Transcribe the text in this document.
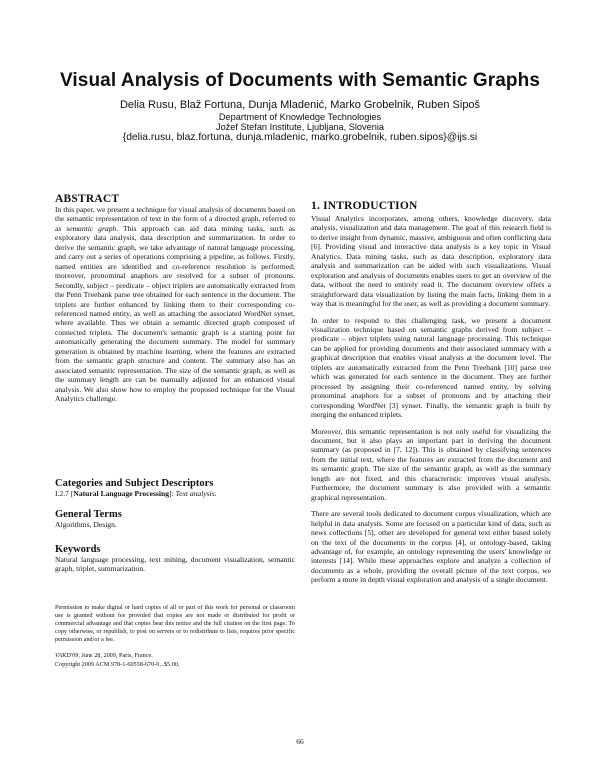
Visual Analysis of Documents with Semantic Graphs
Delia Rusu, Blaž Fortuna, Dunja Mladenić, Marko Grobelnik, Ruben Sipoš
Department of Knowledge Technologies
Jožef Stefan Institute, Ljubljana, Slovenia
{delia.rusu, blaz.fortuna, dunja.mladenic, marko.grobelnik, ruben.sipos}@ijs.si
ABSTRACT

In this paper, we present a technique for visual analysis of documents based on the semantic representation of text in the form of a directed graph, referred to as semantic graph. This approach can aid data mining tasks, such as exploratory data analysis, data description and summarization. In order to derive the semantic graph, we take advantage of natural language processing, and carry out a series of operations comprising a pipeline, as follows. Firstly, named entities are identified and co-reference resolution is performed; moreover, pronominal anaphors are resolved for a subset of pronouns. Secondly, subject – predicate – object triplets are automatically extracted from the Penn Treebank parse tree obtained for each sentence in the document. The triplets are further enhanced by linking them to their corresponding co-referenced named entity, as well as attaching the associated WordNet synset, where available. Thus we obtain a semantic directed graph composed of connected triplets. The document's semantic graph is a starting point for automatically generating the document summary. The model for summary generation is obtained by machine learning, where the features are extracted from the semantic graph structure and content. The summary also has an associated semantic representation. The size of the semantic graph, as well as the summary length are can be manually adjusted for an enhanced visual analysis. We also show how to employ the proposed technique for the Visual Analytics challenge.

Categories and Subject Descriptors

I.2.7 [Natural Language Processing]: Text analysis.

General Terms

Algorithms, Design.

Keywords

Natural language processing, text mining, document visualization, semantic graph, triplet, summarization.

Permission to make digital or hard copies of all or part of this work for personal or classroom use is granted without fee provided that copies are not made or distributed for profit or commercial advantage and that copies bear this notice and the full citation on the first page. To copy otherwise, or republish, to post on servers or to redistribute to lists, requires prior specific permission and/or a fee.

VAKD'09, June 28, 2009, Paris, France.

Copyright 2009 ACM 978-1-60558-670-0...$5.00.

1. INTRODUCTION

Visual Analytics incorporates, among others, knowledge discovery, data analysis, visualization and data management. The goal of this research field is to derive insight from dynamic, massive, ambiguous and often conflicting data [6]. Providing visual and interactive data analysis is a key topic in Visual Analytics. Data mining tasks, such as data description, exploratory data analysis and summarization can be aided with such visualizations. Visual exploration and analysis of documents enables users to get an overview of the data, without the need to entirely read it. The document overview offers a straightforward data visualization by listing the main facts, linking them in a way that is meaningful for the user, as well as providing a document summary.

In order to respond to this challenging task, we present a document visualization technique based on semantic graphs derived from subject – predicate – object triplets using natural language processing. This technique can be applied for providing documents and their associated summary with a graphical description that enables visual analysis at the document level. The triplets are automatically extracted from the Penn Treebank [10] parse tree which was generated for each sentence in the document. They are further processed by assigning their co-referenced named entity, by solving pronominal anaphors for a subset of pronouns and by attaching their corresponding WordNet [3] synset. Finally, the semantic graph is built by merging the enhanced triplets.

Moreover, this semantic representation is not only useful for visualizing the document, but it also plays an important part in deriving the document summary (as proposed in [7, 12]). This is obtained by classifying sentences from the initial text, where the features are extracted from the document and its semantic graph. The size of the semantic graph, as well as the summary length are not fixed, and this characteristic improves visual analysis. Furthermore, the document summary is also provided with a semantic graphical representation.

There are several tools dedicated to document corpus visualization, which are helpful in data analysis. Some are focused on a particular kind of data, such as news collections [5], other are developed for general text either based solely on the text of the documents in the corpus [4], or ontology-based, taking advantage of, for example, an ontology representing the users' knowledge or interests [14]. While these approaches explore and analyze a collection of documents as a whole, providing the overall picture of the text corpus, we perform a more in depth visual exploration and analysis of a single document.

66
